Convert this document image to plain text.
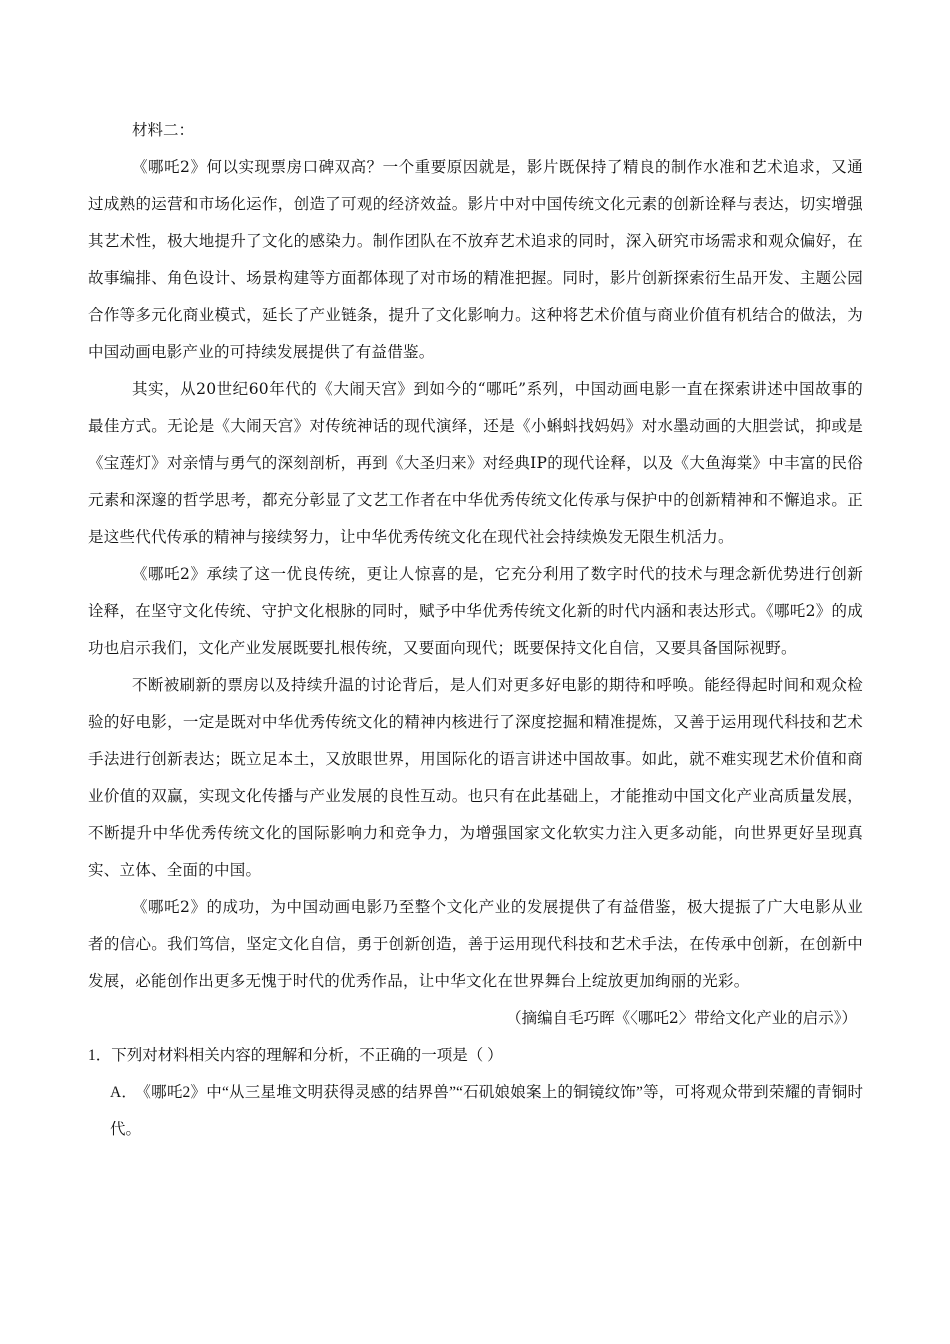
材料二：

《哪吒2》何以实现票房口碑双高？一个重要原因就是，影片既保持了精良的制作水准和艺术追求，又通过成熟的运营和市场化运作，创造了可观的经济效益。影片中对中国传统文化元素的创新诠释与表达，切实增强其艺术性，极大地提升了文化的感染力。制作团队在不放弃艺术追求的同时，深入研究市场需求和观众偏好，在故事编排、角色设计、场景构建等方面都体现了对市场的精准把握。同时，影片创新探索衍生品开发、主题公园合作等多元化商业模式，延长了产业链条，提升了文化影响力。这种将艺术价值与商业价值有机结合的做法，为中国动画电影产业的可持续发展提供了有益借鉴。

其实，从20世纪60年代的《大闹天宫》到如今的“哪吒”系列，中国动画电影一直在探索讲述中国故事的最佳方式。无论是《大闹天宫》对传统神话的现代演绎，还是《小蝌蚪找妈妈》对水墨动画的大胆尝试，抑或是《宝莲灯》对亲情与勇气的深刻剖析，再到《大圣归来》对经典IP的现代诠释，以及《大鱼海棠》中丰富的民俗元素和深邃的哲学思考，都充分彰显了文艺工作者在中华优秀传统文化传承与保护中的创新精神和不懈追求。正是这些代代传承的精神与接续努力，让中华优秀传统文化在现代社会持续焕发无限生机活力。

《哪吒2》承续了这一优良传统，更让人惊喜的是，它充分利用了数字时代的技术与理念新优势进行创新诠释，在坚守文化传统、守护文化根脉的同时，赋予中华优秀传统文化新的时代内涵和表达形式。《哪吒2》的成功也启示我们，文化产业发展既要扎根传统，又要面向现代；既要保持文化自信，又要具备国际视野。

不断被刷新的票房以及持续升温的讨论背后，是人们对更多好电影的期待和呼唤。能经得起时间和观众检验的好电影，一定是既对中华优秀传统文化的精神内核进行了深度挖掘和精准提炼，又善于运用现代科技和艺术手法进行创新表达；既立足本土，又放眼世界，用国际化的语言讲述中国故事。如此，就不难实现艺术价值和商业价值的双赢，实现文化传播与产业发展的良性互动。也只有在此基础上，才能推动中国文化产业高质量发展，不断提升中华优秀传统文化的国际影响力和竞争力，为增强国家文化软实力注入更多动能，向世界更好呈现真实、立体、全面的中国。

《哪吒2》的成功，为中国动画电影乃至整个文化产业的发展提供了有益借鉴，极大提振了广大电影从业者的信心。我们笃信，坚定文化自信，勇于创新创造，善于运用现代科技和艺术手法，在传承中创新，在创新中发展，必能创作出更多无愧于时代的优秀作品，让中华文化在世界舞台上绽放更加绚丽的光彩。

（摘编自毛巧晖《〈哪吒2〉带给文化产业的启示》）

1．下列对材料相关内容的理解和分析，不正确的一项是（ ）

A． 《哪吒2》中“从三星堆文明获得灵感的结界兽”“石矶娘娘案上的铜镜纹饰”等，可将观众带到荣耀的青铜时代。
